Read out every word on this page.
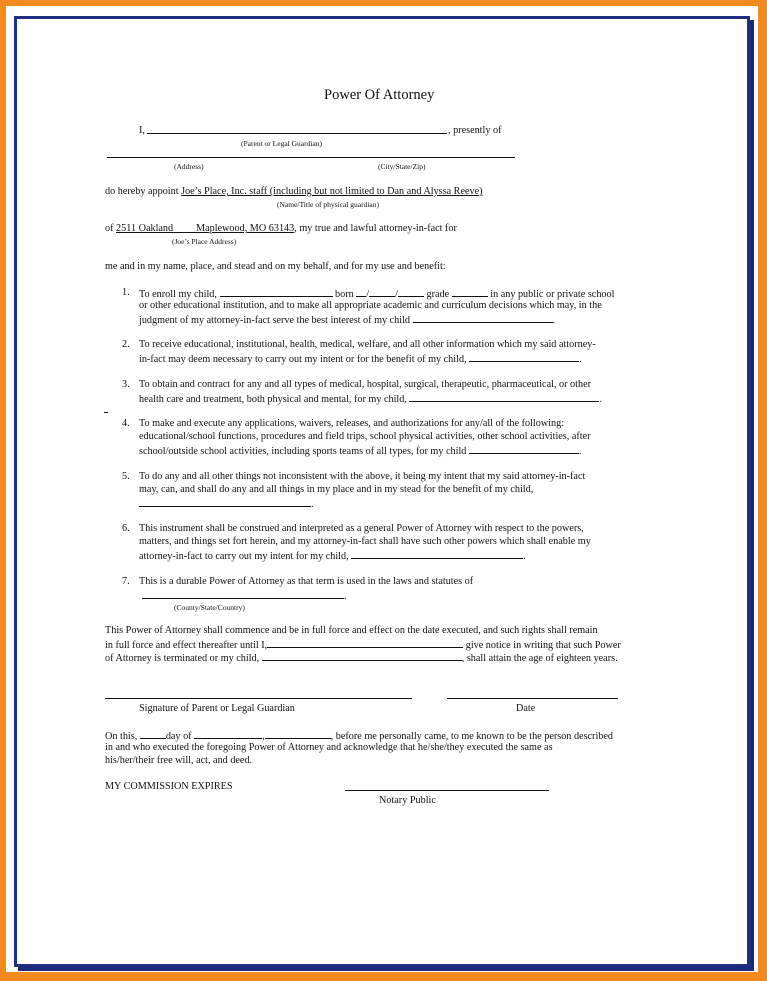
Power Of Attorney
I,	, presently of
(Parent or Legal Guardian)
(Address)	(City/State/Zip)
do hereby appoint Joe’s Place, Inc. staff (including but not limited to Dan and Alyssa Reeve)
(Name/Title of physical guardian)
of 2511 Oakland Maplewood, MO 63143, my true and lawful attorney-in-fact for
(Joe’s Place Address)
me and in my name, place, and stead and on my behalf, and for my use and benefit:
1. To enroll my child,	born /	/	grade	in any public or private school
or other educational institution, and to make all appropriate academic and curriculum decisions which may, in the
judgment of my attorney-in-fact serve the best interest of my child	.
2. To receive educational, institutional, health, medical, welfare, and all other information which my said attorney-
in-fact may deem necessary to carry out my intent or for the benefit of my child,	.
3. To obtain and contract for any and all types of medical, hospital, surgical, therapeutic, pharmaceutical, or other
health care and treatment, both physical and mental, for my child,	.
4. To make and execute any applications, waivers, releases, and authorizations for any/all of the following:
educational/school functions, procedures and field trips, school physical activities, other school activities, after
school/outside school activities, including sports teams of all types, for my child	.
5. To do any and all other things not inconsistent with the above, it being my intent that my said attorney-in-fact
may, can, and shall do any and all things in my place and in my stead for the benefit of my child,
.
6. This instrument shall be construed and interpreted as a general Power of Attorney with respect to the powers,
matters, and things set fort herein, and my attorney-in-fact shall have such other powers which shall enable my
attorney-in-fact to carry out my intent for my child,	.
7. This is a durable Power of Attorney as that term is used in the laws and statutes of
.
(County/State/Country)
This Power of Attorney shall commence and be in full force and effect on the date executed, and such rights shall remain
in full force and effect thereafter until I,	give notice in writing that such Power
of Attorney is terminated or my child,	, shall attain the age of eighteen years.
Signature of Parent or Legal Guardian	Date
On this,	day of	,	, before me personally came, to me known to be the person described
in and who executed the foregoing Power of Attorney and acknowledge that he/she/they executed the same as
his/her/their free will, act, and deed.
MY COMMISSION EXPIRES
Notary Public
